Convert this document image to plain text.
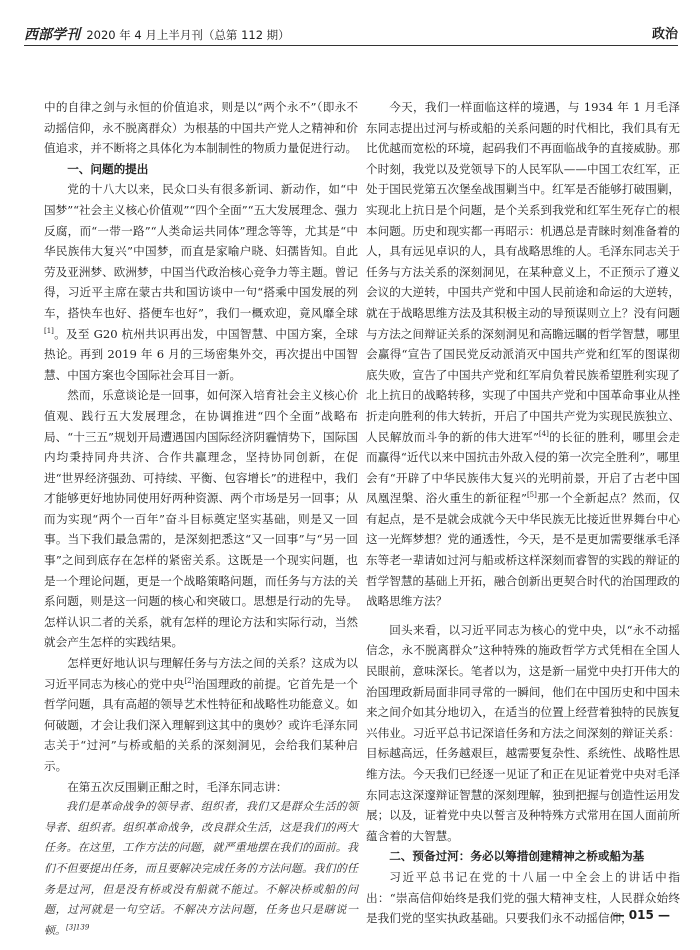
西部学刊 2020 年 4 月上半月刊（总第 112 期）	政治

中的自律之剑与永恒的价值追求，则是以“两个永不”（即永不动摇信仰，永不脱离群众）为根基的中国共产党人之精神和价值追求，并不断将之具体化为本制制性的物质力量促进行动。

一、问题的提出

党的十八大以来，民众口头有很多新词、新动作，如“中国梦”“社会主义核心价值观”“四个全面”“五大发展理念、强力反腐，而“一带一路”“人类命运共同体”理念等等，尤其是“中华民族伟大复兴”中国梦，而直是家喻户晓、妇孺皆知。自此劳及亚洲梦、欧洲梦，中国当代政治核心竞争力等主题。曾记得，习近平主席在蒙古共和国访谈中一句“搭乘中国发展的列车，搭快车也好、搭便车也好”，我们一概欢迎，竟风靡全球[1]。及至 G20 杭州共识再出发，中国智慧、中国方案，全球热论。再到 2019 年 6 月的三场密集外交，再次提出中国智慧、中国方案也令国际社会耳目一新。

然而，乐意谈论是一回事，如何深入培育社会主义核心价值观、践行五大发展理念，在协调推进“四个全面”战略布局、“十三五”规划开局遭遇国内国际经济阴霾情势下，国际国内均秉持同舟共济、合作共赢理念，坚持协同创新，在促进“世界经济强劲、可持续、平衡、包容增长”的进程中，我们才能够更好地协同使用好两种资源、两个市场是另一回事；从而为实现“两个一百年”奋斗目标奠定坚实基础，则是又一回事。当下我们最急需的，是深刻把悉这“又一回事”与“另一回事”之间到底存在怎样的紧密关系。这既是一个现实问题，也是一个理论问题，更是一个战略策略问题，而任务与方法的关系问题，则是这一问题的核心和突破口。思想是行动的先导。怎样认识二者的关系，就有怎样的理论方法和实际行动，当然就会产生怎样的实践结果。

怎样更好地认识与理解任务与方法之间的关系？这成为以习近平同志为核心的党中央[2]治国理政的前提。它首先是一个哲学问题，具有高超的领导艺术性特征和战略性功能意义。如何破题，才会让我们深入理解到这其中的奥妙？或许毛泽东同志关于“过河”与桥或船的关系的深刻洞见，会给我们某种启示。

在第五次反围剿正酣之时，毛泽东同志讲：

我们是革命战争的领导者、组织者，我们又是群众生活的领导者、组织者。组织革命战争，改良群众生活，这是我们的两大任务。在这里，工作方法的问题，就严重地摆在我们的面前。我们不但要提出任务，而且要解决完成任务的方法问题。我们的任务是过河，但是没有桥或没有船就不能过。不解决桥或船的问题，过河就是一句空话。不解决方法问题，任务也只是瞎说一顿。$^{[3]139}$

今天，我们一样面临这样的境遇，与 1934 年 1 月毛泽东同志提出过河与桥或船的关系问题的时代相比，我们具有无比优越而宽松的环境，起码我们不再面临战争的直接威胁。那个时刻，我党以及党领导下的人民军队——中国工农红军，正处于国民党第五次堡垒战围剿当中。红军是否能够打破围剿，实现北上抗日是个问题，是个关系到我党和红军生死存亡的根本问题。历史和现实都一再昭示：机遇总是青睐时刻准备着的人，具有远见卓识的人，具有战略思维的人。毛泽东同志关于任务与方法关系的深刻洞见，在某种意义上，不正预示了遵义会议的大逆转，中国共产党和中国人民前途和命运的大逆转，就在于战略思维方法及其积极主动的导预谋则立上？没有问题与方法之间辩证关系的深刻洞见和高瞻远瞩的哲学智慧，哪里会赢得“宣告了国民党反动派消灭中国共产党和红军的图谋彻底失败，宣告了中国共产党和红军肩负着民族希望胜利实现了北上抗日的战略转移，实现了中国共产党和中国革命事业从挫折走向胜利的伟大转折，开启了中国共产党为实现民族独立、人民解放而斗争的新的伟大进军”[4]的长征的胜利，哪里会走而赢得“近代以来中国抗击外敌入侵的第一次完全胜利”，哪里会有“开辟了中华民族伟大复兴的光明前景，开启了古老中国凤凰涅槃、浴火重生的新征程”[5]那一个全新起点？然而，仅有起点，是不是就会成就今天中华民族无比接近世界舞台中心这一光辉梦想？党的通透性，今天，是不是更加需要继承毛泽东等老一辈请如过河与船或桥这样深刻而睿智的实践的辩证的哲学智慧的基础上开拓，融合创新出更契合时代的治国理政的战略思维方法？

回头来看，以习近平同志为核心的党中央，以“永不动摇信念，永不脱离群众”这种特殊的施政哲学方式凭相在全国人民眼前，意味深长。笔者以为，这是新一届党中央打开伟大的治国理政新局面非同寻常的一瞬间，他们在中国历史和中国未来之间介如其分地切入，在适当的位置上经营着独特的民族复兴伟业。习近平总书记深谙任务和方法之间深刻的辩证关系：目标越高远，任务越艰巨，越需要复杂性、系统性、战略性思维方法。今天我们已经逐一见证了和正在见证着党中央对毛泽东同志这深邃辩证智慧的深刻理解，独到把握与创造性运用发展；以及，证着党中央以誓言及种特殊方式常用在国人面前所蕴含着的大智慧。

二、预备过河：务必以筹措创建精神之桥或船为基

习近平总书记在党的十八届一中全会上的讲话中指出：“崇高信仰始终是我们党的强大精神支柱，人民群众始终是我们党的坚实执政基础。只要我们永不动摇信仰，

— 015 —
